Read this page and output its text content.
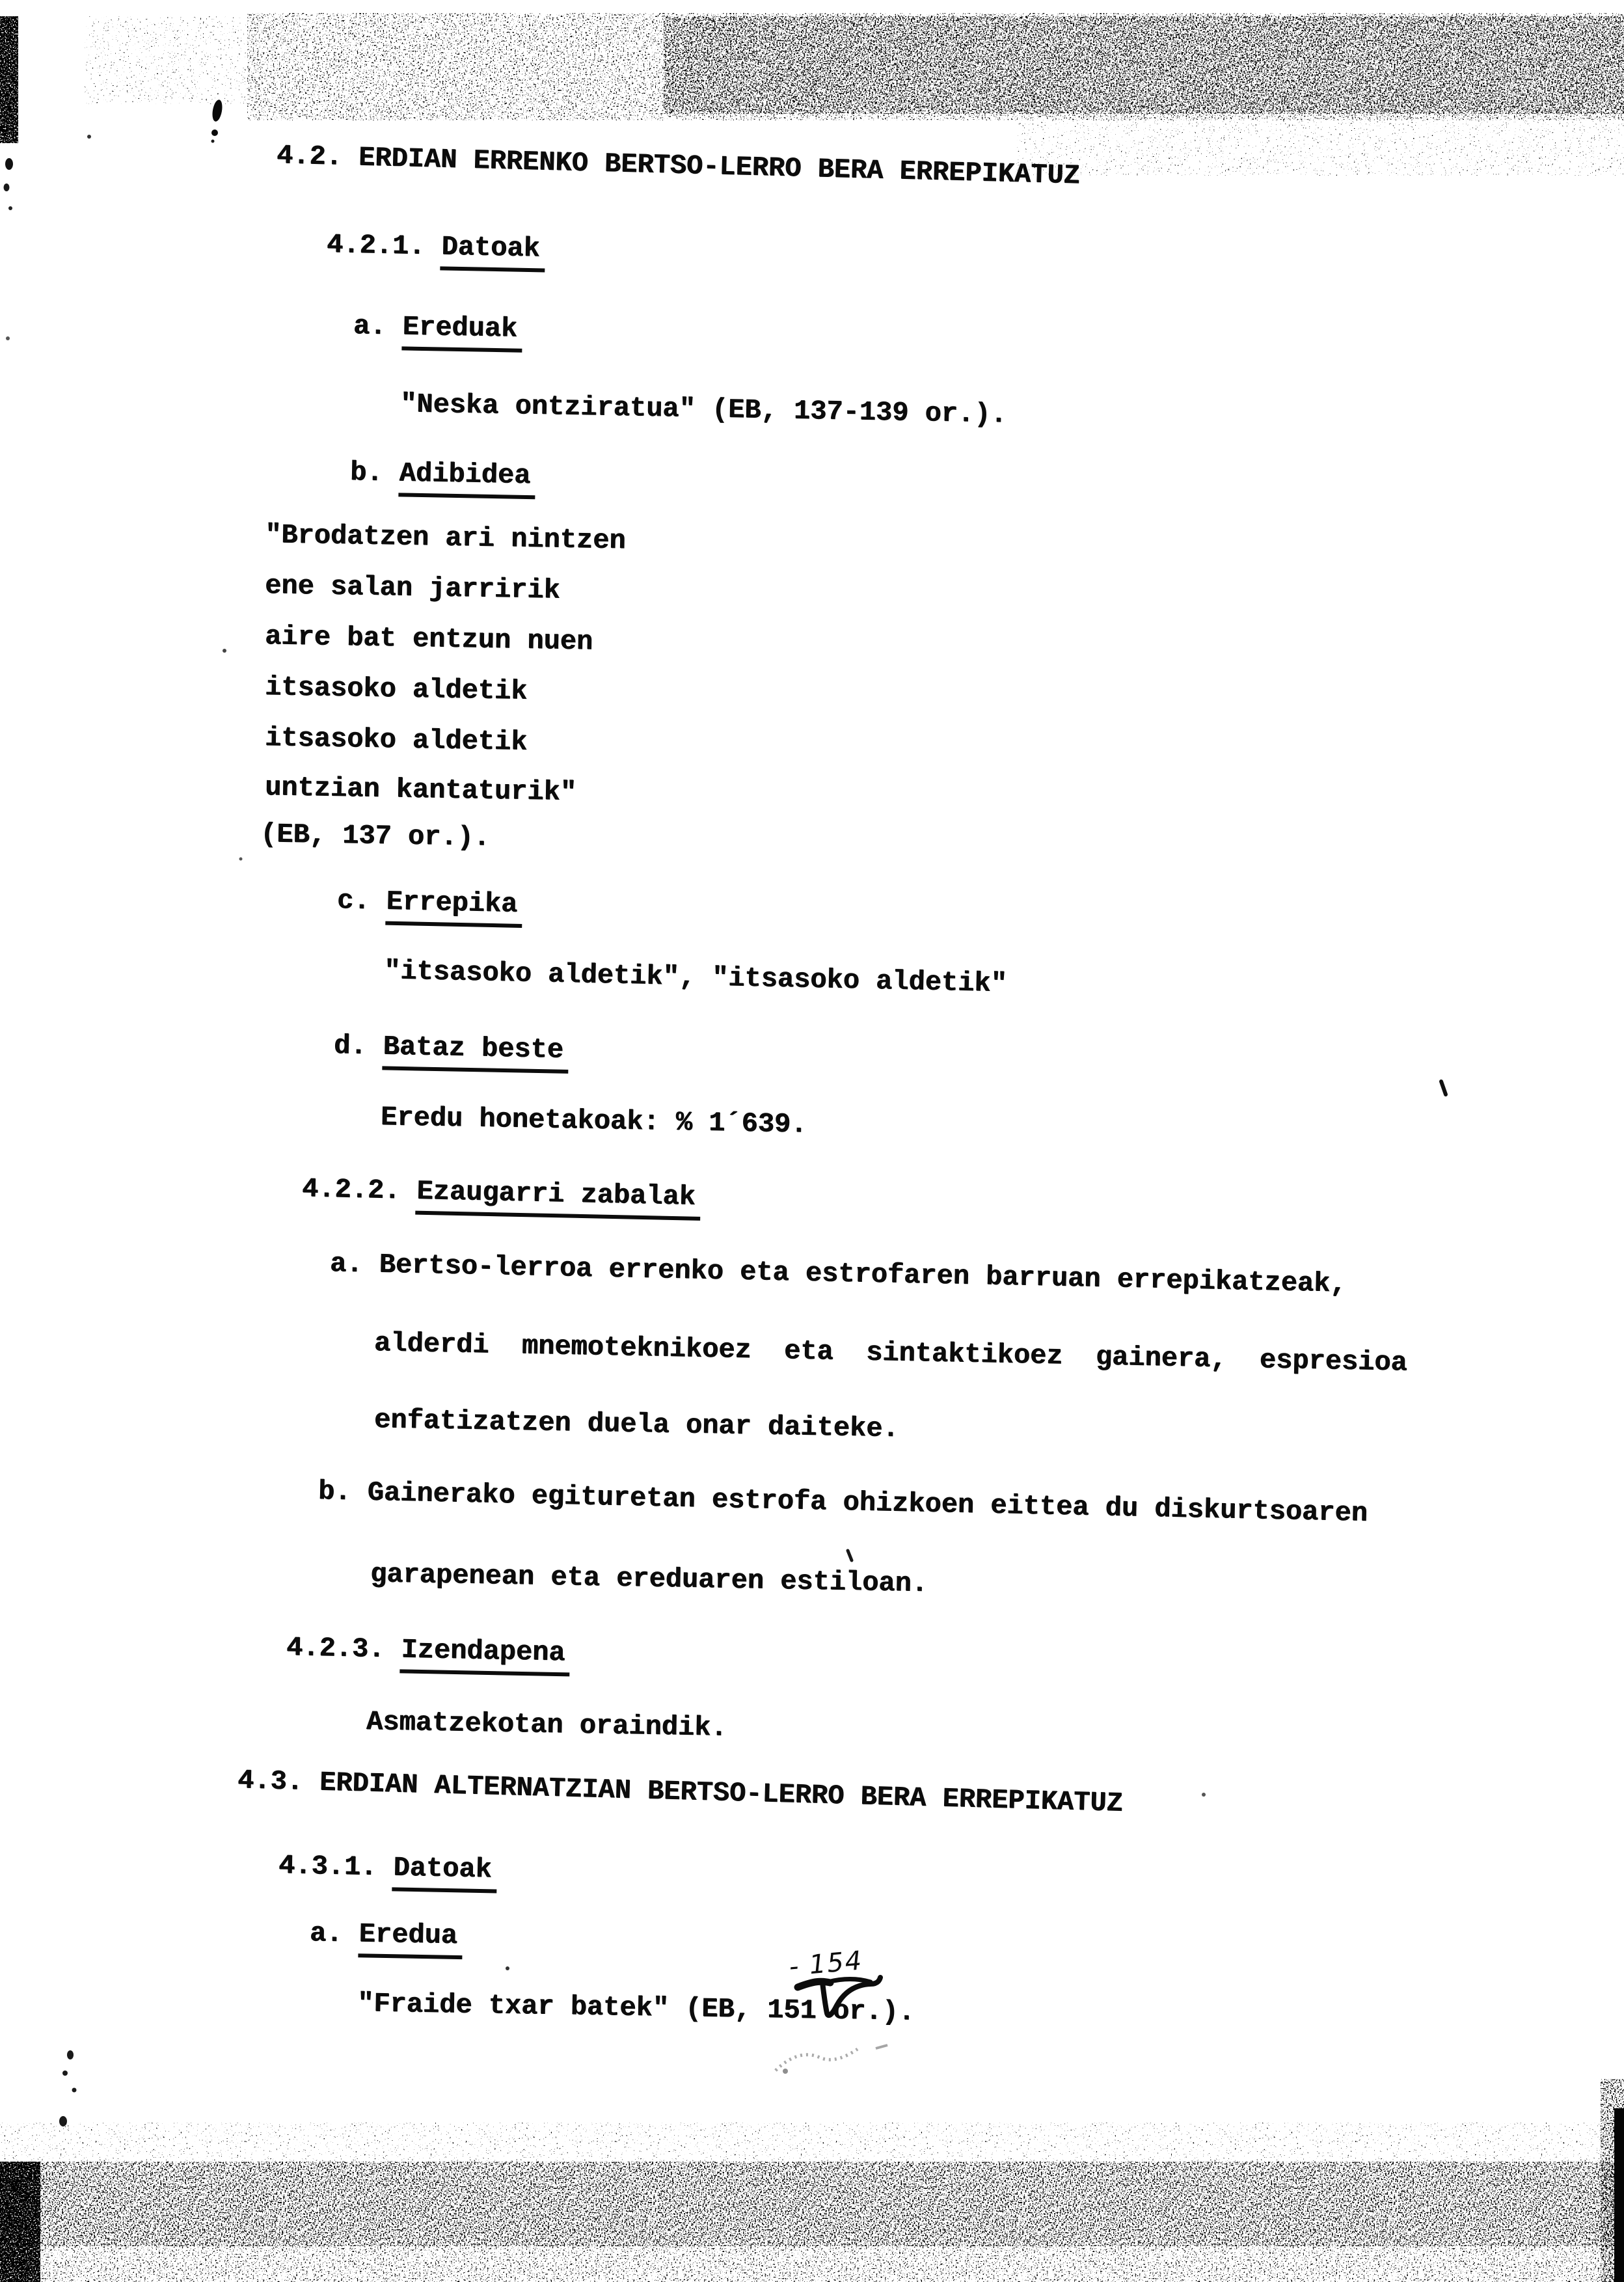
4.2. ERDIAN ERRENKO BERTSO-LERRO BERA ERREPIKATUZ
4.2.1. Datoak
a. Ereduak
"Neska ontziratua" (EB, 137-139 or.).
b. Adibidea
"Brodatzen ari nintzen
ene salan jarririk
aire bat entzun nuen
itsasoko aldetik
itsasoko aldetik
untzian kantaturik"
(EB, 137 or.).
c. Errepika
"itsasoko aldetik", "itsasoko aldetik"
d. Bataz beste
Eredu honetakoak: % 1´639.
4.2.2. Ezaugarri zabalak
a. Bertso-lerroa errenko eta estrofaren barruan errepikatzeak,
alderdi  mnemoteknikoez  eta  sintaktikoez  gainera,  espresioa
enfatizatzen duela onar daiteke.
b. Gainerako egituretan estrofa ohizkoen eittea du diskurtsoaren
garapenean eta ereduaren estiloan.
4.2.3. Izendapena
Asmatzekotan oraindik.
4.3. ERDIAN ALTERNATZIAN BERTSO-LERRO BERA ERREPIKATUZ
4.3.1. Datoak
a. Eredua
"Fraide txar batek" (EB, 151 or.).
- 154
